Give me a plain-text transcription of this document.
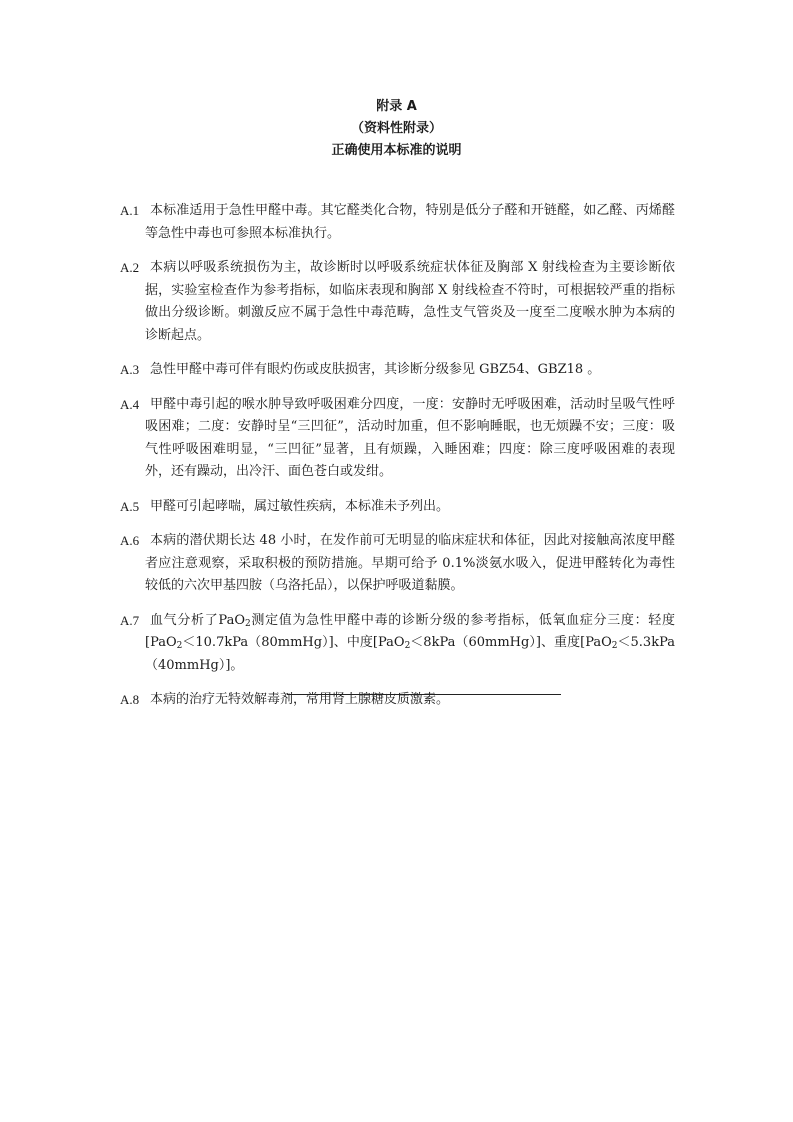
附录 A
（资料性附录）
正确使用本标准的说明
A.1 本标准适用于急性甲醛中毒。其它醛类化合物，特别是低分子醛和开链醛，如乙醛、丙烯醛等急性中毒也可参照本标准执行。
A.2 本病以呼吸系统损伤为主，故诊断时以呼吸系统症状体征及胸部 X 射线检查为主要诊断依据，实验室检查作为参考指标，如临床表现和胸部 X 射线检查不符时，可根据较严重的指标做出分级诊断。刺激反应不属于急性中毒范畴，急性支气管炎及一度至二度喉水肿为本病的诊断起点。
A.3 急性甲醛中毒可伴有眼灼伤或皮肤损害，其诊断分级参见 GBZ54、GBZ18 。
A.4 甲醛中毒引起的喉水肿导致呼吸困难分四度，一度：安静时无呼吸困难，活动时呈吸气性呼吸困难；二度：安静时呈“三凹征”，活动时加重，但不影响睡眠，也无烦躁不安；三度：吸气性呼吸困难明显，“三凹征”显著，且有烦躁，入睡困难；四度：除三度呼吸困难的表现外，还有躁动，出冷汗、面色苍白或发绀。
A.5 甲醛可引起哮喘，属过敏性疾病，本标准未予列出。
A.6 本病的潜伏期长达 48 小时，在发作前可无明显的临床症状和体征，因此对接触高浓度甲醛者应注意观察，采取积极的预防措施。早期可给予 0.1%淡氨水吸入，促进甲醛转化为毒性较低的六次甲基四胺（乌洛托品），以保护呼吸道黏膜。
A.7 血气分析了PaO$_2$测定值为急性甲醛中毒的诊断分级的参考指标，低氧血症分三度：轻度[PaO$_2$＜10.7kPa（80mmHg）]、中度[PaO$_2$＜8kPa（60mmHg）]、重度[PaO$_2$＜5.3kPa（40mmHg）]。
A.8 本病的治疗无特效解毒剂，常用肾上腺糖皮质激素。
